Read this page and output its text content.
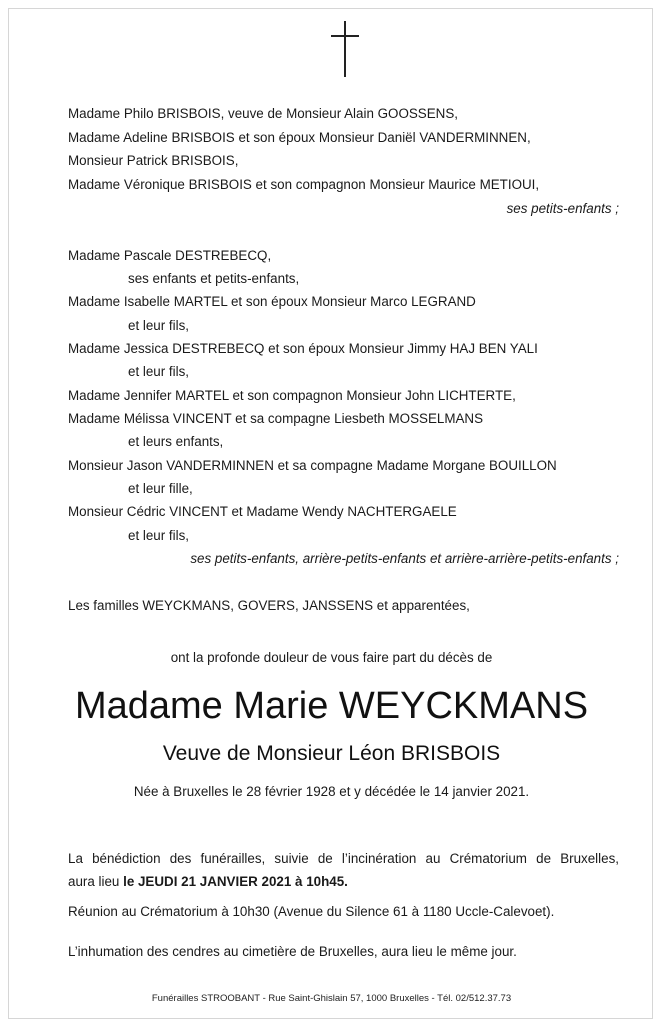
Madame Philo BRISBOIS, veuve de Monsieur Alain GOOSSENS,
Madame Adeline BRISBOIS et son époux Monsieur Daniël VANDERMINNEN,
Monsieur Patrick BRISBOIS,
Madame Véronique BRISBOIS et son compagnon Monsieur Maurice METIOUI,
ses petits-enfants ;
Madame Pascale DESTREBECQ,
ses enfants et petits-enfants,
Madame Isabelle MARTEL et son époux Monsieur Marco LEGRAND
et leur fils,
Madame Jessica DESTREBECQ et son époux Monsieur Jimmy HAJ BEN YALI
et leur fils,
Madame Jennifer MARTEL et son compagnon Monsieur John LICHTERTE,
Madame Mélissa VINCENT et sa compagne Liesbeth MOSSELMANS
et leurs enfants,
Monsieur Jason VANDERMINNEN et sa compagne Madame Morgane BOUILLON
et leur fille,
Monsieur Cédric VINCENT et Madame Wendy NACHTERGAELE
et leur fils,
ses petits-enfants, arrière-petits-enfants et arrière-arrière-petits-enfants ;
Les familles WEYCKMANS, GOVERS, JANSSENS et apparentées,
ont la profonde douleur de vous faire part du décès de
Madame Marie WEYCKMANS
Veuve de Monsieur Léon BRISBOIS
Née à Bruxelles le 28 février 1928 et y décédée le 14 janvier 2021.
La bénédiction des funérailles, suivie de l’incinération au Crématorium de Bruxelles,
aura lieu le JEUDI 21 JANVIER 2021 à 10h45.
Réunion au Crématorium à 10h30 (Avenue du Silence 61 à 1180 Uccle-Calevoet).
L’inhumation des cendres au cimetière de Bruxelles, aura lieu le même jour.
Funérailles STROOBANT - Rue Saint-Ghislain 57, 1000 Bruxelles - Tél. 02/512.37.73
